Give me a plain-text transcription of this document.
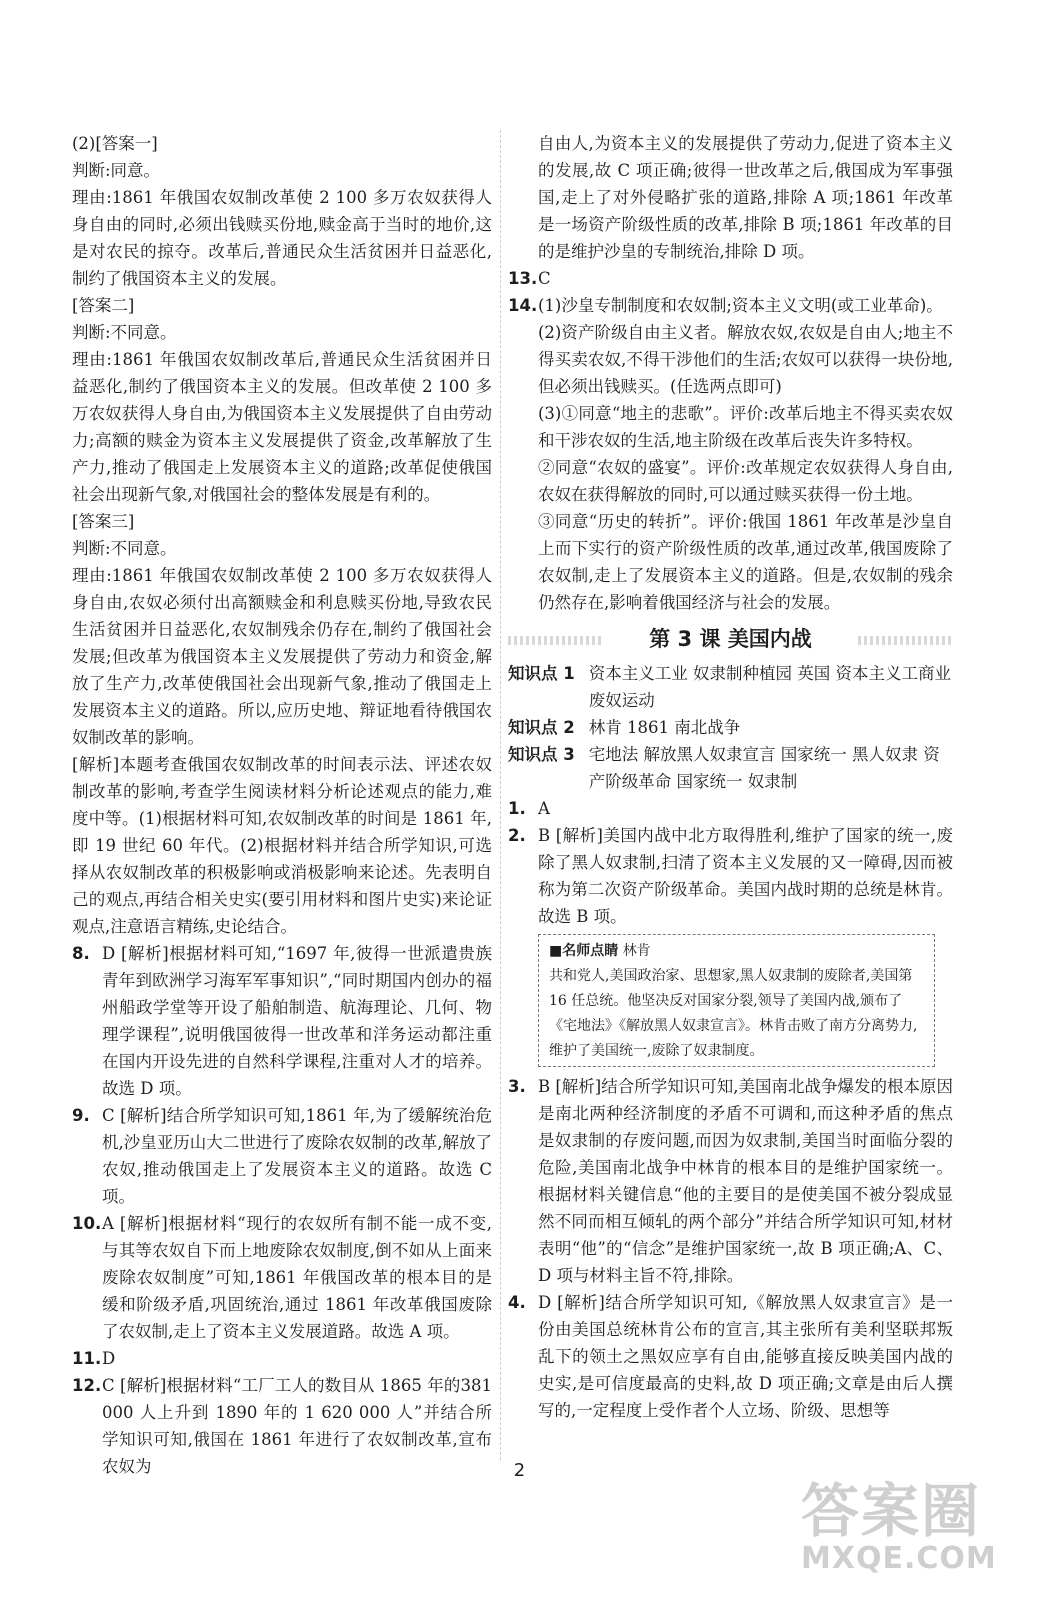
(2)[答案一]

判断:同意。

理由:1861 年俄国农奴制改革使 2 100 多万农奴获得人身自由的同时,必须出钱赎买份地,赎金高于当时的地价,这是对农民的掠夺。改革后,普通民众生活贫困并日益恶化,制约了俄国资本主义的发展。

[答案二]

判断:不同意。

理由:1861 年俄国农奴制改革后,普通民众生活贫困并日益恶化,制约了俄国资本主义的发展。但改革使 2 100 多万农奴获得人身自由,为俄国资本主义发展提供了自由劳动力;高额的赎金为资本主义发展提供了资金,改革解放了生产力,推动了俄国走上发展资本主义的道路;改革促使俄国社会出现新气象,对俄国社会的整体发展是有利的。

[答案三]

判断:不同意。

理由:1861 年俄国农奴制改革使 2 100 多万农奴获得人身自由,农奴必须付出高额赎金和利息赎买份地,导致农民生活贫困并日益恶化,农奴制残余仍存在,制约了俄国社会发展;但改革为俄国资本主义发展提供了劳动力和资金,解放了生产力,改革使俄国社会出现新气象,推动了俄国走上发展资本主义的道路。所以,应历史地、辩证地看待俄国农奴制改革的影响。

[解析]本题考查俄国农奴制改革的时间表示法、评述农奴制改革的影响,考查学生阅读材料分析论述观点的能力,难度中等。(1)根据材料可知,农奴制改革的时间是 1861 年,即 19 世纪 60 年代。(2)根据材料并结合所学知识,可选择从农奴制改革的积极影响或消极影响来论述。先表明自己的观点,再结合相关史实(要引用材料和图片史实)来论证观点,注意语言精练,史论结合。

8. D [解析]根据材料可知,“1697 年,彼得一世派遣贵族青年到欧洲学习海军军事知识”,“同时期国内创办的福州船政学堂等开设了船舶制造、航海理论、几何、物理学课程”,说明俄国彼得一世改革和洋务运动都注重在国内开设先进的自然科学课程,注重对人才的培养。故选 D 项。

9. C [解析]结合所学知识可知,1861 年,为了缓解统治危机,沙皇亚历山大二世进行了废除农奴制的改革,解放了农奴,推动俄国走上了发展资本主义的道路。故选 C 项。

10. A [解析]根据材料“现行的农奴所有制不能一成不变,与其等农奴自下而上地废除农奴制度,倒不如从上面来废除农奴制度”可知,1861 年俄国改革的根本目的是缓和阶级矛盾,巩固统治,通过 1861 年改革俄国废除了农奴制,走上了资本主义发展道路。故选 A 项。

11. D

12. C [解析]根据材料“工厂工人的数目从 1865 年的381 000 人上升到 1890 年的 1 620 000 人”并结合所学知识可知,俄国在 1861 年进行了农奴制改革,宣布农奴为

自由人,为资本主义的发展提供了劳动力,促进了资本主义的发展,故 C 项正确;彼得一世改革之后,俄国成为军事强国,走上了对外侵略扩张的道路,排除 A 项;1861 年改革是一场资产阶级性质的改革,排除 B 项;1861 年改革的目的是维护沙皇的专制统治,排除 D 项。

13. C

14. (1)沙皇专制制度和农奴制;资本主义文明(或工业革命)。

(2)资产阶级自由主义者。解放农奴,农奴是自由人;地主不得买卖农奴,不得干涉他们的生活;农奴可以获得一块份地,但必须出钱赎买。(任选两点即可)

(3)①同意“地主的悲歌”。评价:改革后地主不得买卖农奴和干涉农奴的生活,地主阶级在改革后丧失许多特权。

②同意“农奴的盛宴”。评价:改革规定农奴获得人身自由,农奴在获得解放的同时,可以通过赎买获得一份土地。

③同意“历史的转折”。评价:俄国 1861 年改革是沙皇自上而下实行的资产阶级性质的改革,通过改革,俄国废除了农奴制,走上了发展资本主义的道路。但是,农奴制的残余仍然存在,影响着俄国经济与社会的发展。

第 3 课 美国内战
知识点 1 资本主义工业 奴隶制种植园 英国 资本主义工商业 废奴运动
知识点 2 林肯 1861 南北战争
知识点 3 宅地法 解放黑人奴隶宣言 国家统一 黑人奴隶 资产阶级革命 国家统一 奴隶制
1. A

2. B [解析]美国内战中北方取得胜利,维护了国家的统一,废除了黑人奴隶制,扫清了资本主义发展的又一障碍,因而被称为第二次资产阶级革命。美国内战时期的总统是林肯。故选 B 项。

■名师点睛 林肯
共和党人,美国政治家、思想家,黑人奴隶制的废除者,美国第 16 任总统。他坚决反对国家分裂,领导了美国内战,颁布了《宅地法》《解放黑人奴隶宣言》。林肯击败了南方分离势力,维护了美国统一,废除了奴隶制度。
3. B [解析]结合所学知识可知,美国南北战争爆发的根本原因是南北两种经济制度的矛盾不可调和,而这种矛盾的焦点是奴隶制的存废问题,而因为奴隶制,美国当时面临分裂的危险,美国南北战争中林肯的根本目的是维护国家统一。根据材料关键信息“他的主要目的是使美国不被分裂成显然不同而相互倾轧的两个部分”并结合所学知识可知,材材表明“他”的“信念”是维护国家统一,故 B 项正确;A、C、D 项与材料主旨不符,排除。

4. D [解析]结合所学知识可知,《解放黑人奴隶宣言》是一份由美国总统林肯公布的宣言,其主张所有美利坚联邦叛乱下的领土之黑奴应享有自由,能够直接反映美国内战的史实,是可信度最高的史料,故 D 项正确;文章是由后人撰写的,一定程度上受作者个人立场、阶级、思想等

2
答案圈
MXQE.COM
